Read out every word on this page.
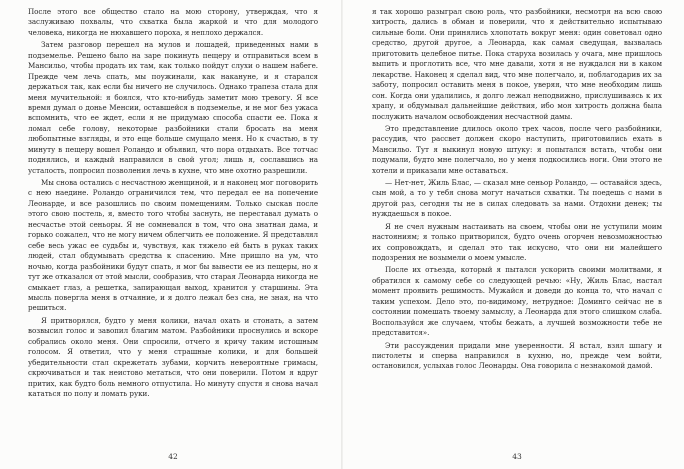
После этого все общество стало на мою сторону, утверждая, что я заслуживаю похвалы, что схватка была жаркой и что для молодого человека, никогда не нюхавшего пороха, я неплохо держался.

Затем разговор перешел на мулов и лошадей, приведенных нами в подземелье. Решено было на заре покинуть пещеру и отправиться всем в Мансильо, чтобы продать их там, как только пойдут слухи о нашем набеге. Прежде чем лечь спать, мы поужинали, как накануне, и я старался держаться так, как если бы ничего не случилось. Однако трапеза стала для меня мучительной: я боялся, что кто-нибудь заметит мою тревогу. Я все время думал о донье Менсии, оставшейся в подземелье, и не мог без ужаса вспомнить, что ее ждет, если я не придумаю способа спасти ее. Пока я ломал себе голову, некоторые разбойники стали бросать на меня любопытные взгляды, и это еще больше смущало меня. Но к счастью, в ту минуту в пещеру вошел Роландо и объявил, что пора отдыхать. Все тотчас поднялись, и каждый направился в свой угол; лишь я, сославшись на усталость, попросил позволения лечь в кухне, что мне охотно разрешили.

Мы снова остались с несчастною женщиной, и я наконец мог поговорить с нею наедине. Роландо ограничился тем, что передал ее на попечение Леонарде, и все разошлись по своим помещениям. Только сыскав после этого свою постель, я, вместо того чтобы заснуть, не переставал думать о несчастье этой сеньоры. Я не сомневался в том, что она знатная дама, и горько сожалел, что не могу ничем облегчить ее положение. Я представлял себе весь ужас ее судьбы и, чувствуя, как тяжело ей быть в руках таких людей, стал обдумывать средства к спасению. Мне пришло на ум, что ночью, когда разбойники будут спать, я мог бы вывести ее из пещеры, но я тут же отказался от этой мысли, сообразив, что старая Леонарда никогда не смыкает глаз, а решетка, запирающая выход, хранится у старшины. Эта мысль повергла меня в отчаяние, и я долго лежал без сна, не зная, на что решиться.

Я притворялся, будто у меня колики, начал охать и стонать, а затем возвысил голос и завопил благим матом. Разбойники проснулись и вскоре собрались около меня. Они спросили, отчего я кричу таким истошным голосом. Я ответил, что у меня страшные колики, и для большей убедительности стал скрежетать зубами, корчить невероятные гримасы, скрючиваться и так неистово метаться, что они поверили. Потом я вдруг притих, как будто боль немного отпустила. Но минуту спустя я снова начал кататься по полу и ломать руки.

42

я так хорошо разыграл свою роль, что разбойники, несмотря на всю свою хитрость, дались в обман и поверили, что я действительно испытываю сильные боли. Они принялись хлопотать вокруг меня: один советовал одно средство, другой другое, а Леонарда, как самая сведущая, вызвалась приготовить целебное питье. Пока старуха возилась у очага, мне пришлось выпить и проглотить все, что мне давали, хотя я не нуждался ни в каком лекарстве. Наконец я сделал вид, что мне полегчало, и, поблагодарив их за заботу, попросил оставить меня в покое, уверяя, что мне необходим лишь сон. Когда они удалились, я долго лежал неподвижно, прислушиваясь к их храпу, и обдумывал дальнейшие действия, ибо моя хитрость должна была послужить началом освобождения несчастной дамы.

Это представление длилось около трех часов, после чего разбойники, рассудив, что рассвет должен скоро наступить, приготовились ехать в Мансильо. Тут я выкинул новую штуку: я попытался встать, чтобы они подумали, будто мне полегчало, но у меня подкосились ноги. Они этого не хотели и приказали мне оставаться.

— Нет-нет, Жиль Блас, — сказал мне сеньор Роландо, — оставайся здесь, сын мой, а то у тебя снова могут начаться схватки. Ты поедешь с нами в другой раз, сегодня ты не в силах следовать за нами. Отдохни денек; ты нуждаешься в покое.

Я не счел нужным настаивать на своем, чтобы они не уступили моим настояниям; я только притворился, будто очень огорчен невозможностью их сопровождать, и сделал это так искусно, что они ни малейшего подозрения не возымели о моем умысле.

После их отъезда, который я пытался ускорить своими молитвами, я обратился к самому себе со следующей речью: «Ну, Жиль Блас, настал момент проявить решимость. Мужайся и доведи до конца то, что начал с таким успехом. Дело это, по-видимому, нетрудное: Доминго сейчас не в состоянии помешать твоему замыслу, а Леонарда для этого слишком слаба. Воспользуйся же случаем, чтобы бежать, а лучшей возможности тебе не представится».

Эти рассуждения придали мне уверенности. Я встал, взял шпагу и пистолеты и сперва направился в кухню, но, прежде чем войти, остановился, услыхав голос Леонарды. Она говорила с незнакомой дамой.

43
